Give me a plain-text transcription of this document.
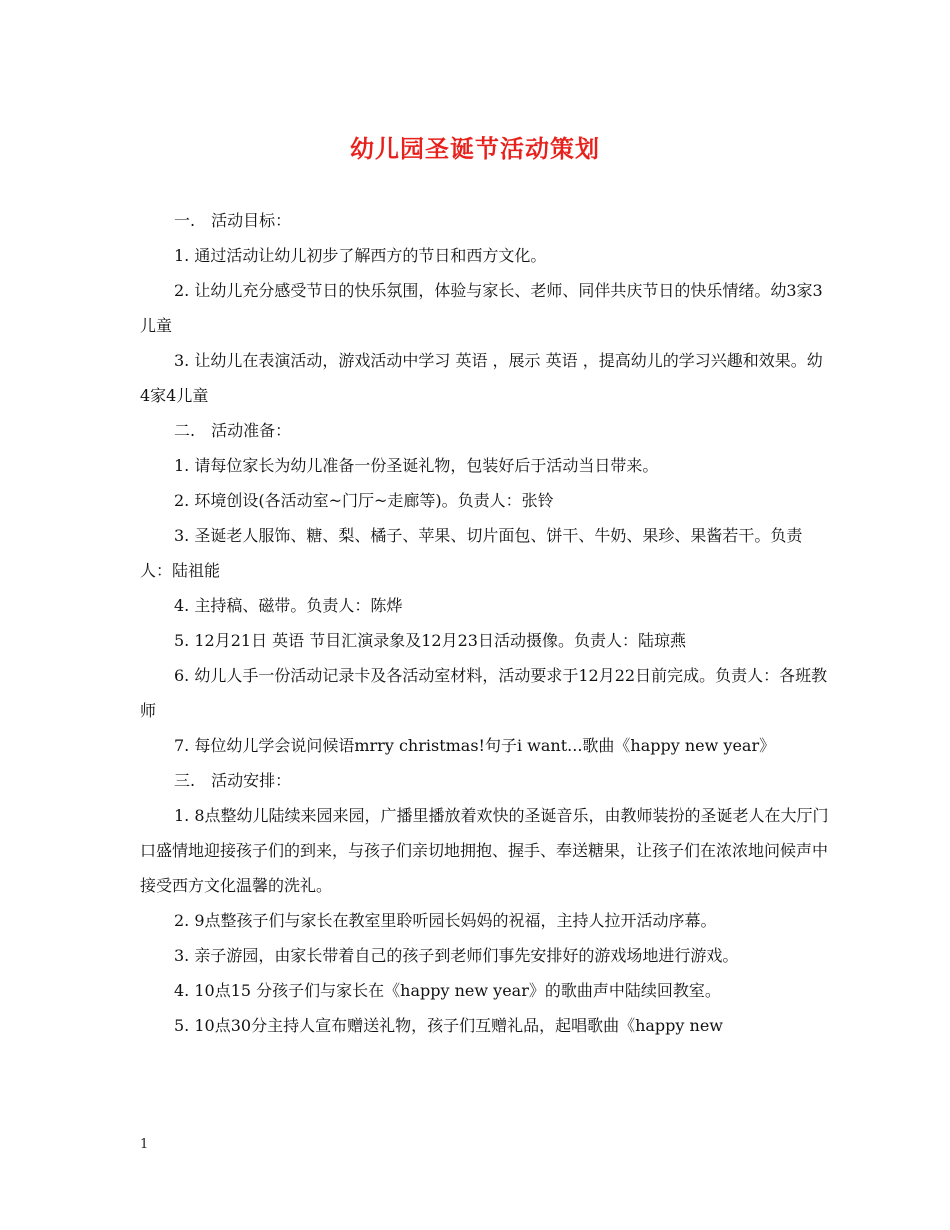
幼儿园圣诞节活动策划

一.　活动目标：

1. 通过活动让幼儿初步了解西方的节日和西方文化。

2. 让幼儿充分感受节日的快乐氛围，体验与家长、老师、同伴共庆节日的快乐情绪。幼3家3儿童

3. 让幼儿在表演活动，游戏活动中学习 英语 ，展示 英语 ，提高幼儿的学习兴趣和效果。幼4家4儿童

二.　活动准备：

1. 请每位家长为幼儿准备一份圣诞礼物，包装好后于活动当日带来。

2. 环境创设(各活动室~门厅~走廊等)。负责人：张铃

3. 圣诞老人服饰、糖、梨、橘子、苹果、切片面包、饼干、牛奶、果珍、果酱若干。负责人：陆祖能

4. 主持稿、磁带。负责人：陈烨

5. 12月21日 英语 节目汇演录象及12月23日活动摄像。负责人：陆琼燕

6. 幼儿人手一份活动记录卡及各活动室材料，活动要求于12月22日前完成。负责人：各班教师

7. 每位幼儿学会说问候语mrry christmas!句子i want...歌曲《happy new year》

三.　活动安排：

1. 8点整幼儿陆续来园来园，广播里播放着欢快的圣诞音乐，由教师装扮的圣诞老人在大厅门口盛情地迎接孩子们的到来，与孩子们亲切地拥抱、握手、奉送糖果，让孩子们在浓浓地问候声中接受西方文化温馨的洗礼。

2. 9点整孩子们与家长在教室里聆听园长妈妈的祝福，主持人拉开活动序幕。

3. 亲子游园，由家长带着自己的孩子到老师们事先安排好的游戏场地进行游戏。

4. 10点15 分孩子们与家长在《happy new year》的歌曲声中陆续回教室。

5. 10点30分主持人宣布赠送礼物，孩子们互赠礼品，起唱歌曲《happy new

1
